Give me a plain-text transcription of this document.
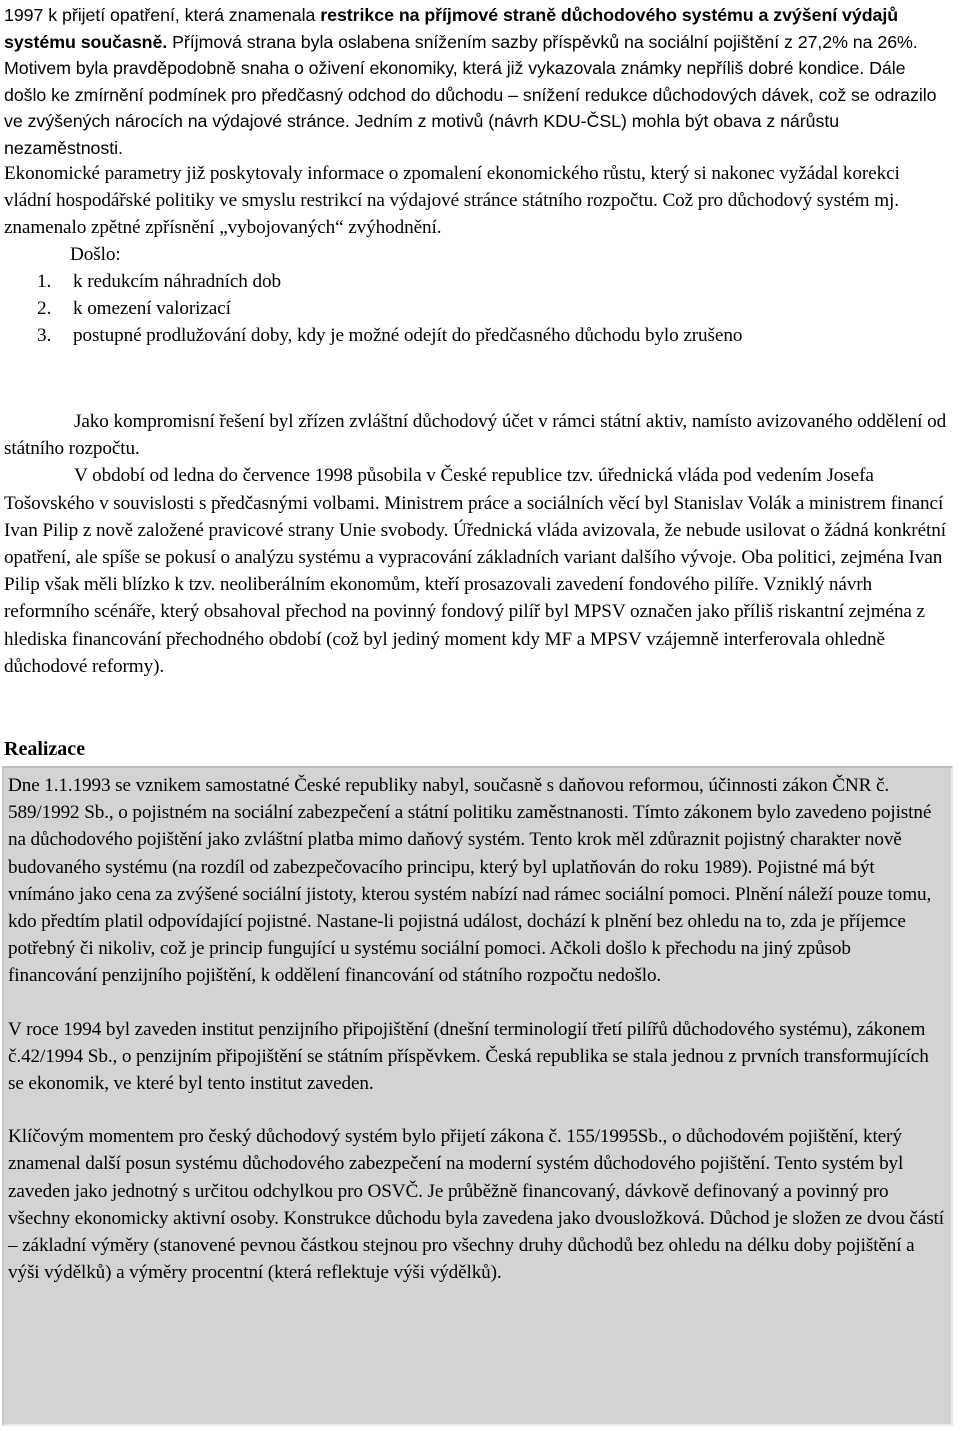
1997 k přijetí opatření, která znamenala restrikce na příjmové straně důchodového systému a zvýšení výdajů systému současně. Příjmová strana byla oslabena snížením sazby příspěvků na sociální pojištění z 27,2% na 26%. Motivem byla pravděpodobně snaha o oživení ekonomiky, která již vykazovala známky nepříliš dobré kondice. Dále došlo ke zmírnění podmínek pro předčasný odchod do důchodu – snížení redukce důchodových dávek, což se odrazilo ve zvýšených nárocích na výdajové stránce. Jedním z motivů (návrh KDU-ČSL) mohla být obava z nárůstu nezaměstnosti.

Ekonomické parametry již poskytovaly informace o zpomalení ekonomického růstu, který si nakonec vyžádal korekci vládní hospodářské politiky ve smyslu restrikcí na výdajové stránce státního rozpočtu. Což pro důchodový systém mj. znamenalo zpětné zpřísnění „vybojovaných“ zvýhodnění.

Došlo:
1. k redukcím náhradních dob
2. k omezení valorizací
3. postupné prodlužování doby, kdy je možné odejít do předčasného důchodu bylo zrušeno

Jako kompromisní řešení byl zřízen zvláštní důchodový účet v rámci státní aktiv, namísto avizovaného oddělení od státního rozpočtu.

V období od ledna do července 1998 působila v České republice tzv. úřednická vláda pod vedením Josefa Tošovského v souvislosti s předčasnými volbami. Ministrem práce a sociálních věcí byl Stanislav Volák a ministrem financí Ivan Pilip z nově založené pravicové strany Unie svobody. Úřednická vláda avizovala, že nebude usilovat o žádná konkrétní opatření, ale spíše se pokusí o analýzu systému a vypracování základních variant dalšího vývoje. Oba politici, zejména Ivan Pilip však měli blízko k tzv. neoliberálním ekonomům, kteří prosazovali zavedení fondového pilíře. Vzniklý návrh reformního scénáře, který obsahoval přechod na povinný fondový pilíř byl MPSV označen jako příliš riskantní zejména z hlediska financování přechodného období (což byl jediný moment kdy MF a MPSV vzájemně interferovala ohledně důchodové reformy).

Realizace

Dne 1.1.1993 se vznikem samostatné České republiky nabyl, současně s daňovou reformou, účinnosti zákon ČNR č. 589/1992 Sb., o pojistném na sociální zabezpečení a státní politiku zaměstnanosti. Tímto zákonem bylo zavedeno pojistné na důchodového pojištění jako zvláštní platba mimo daňový systém. Tento krok měl zdůraznit pojistný charakter nově budovaného systému (na rozdíl od zabezpečovacího principu, který byl uplatňován do roku 1989). Pojistné má být vnímáno jako cena za zvýšené sociální jistoty, kterou systém nabízí nad rámec sociální pomoci. Plnění náleží pouze tomu, kdo předtím platil odpovídající pojistné. Nastane-li pojistná událost, dochází k plnění bez ohledu na to, zda je příjemce potřebný či nikoliv, což je princip fungující u systému sociální pomoci. Ačkoli došlo k přechodu na jiný způsob financování penzijního pojištění, k oddělení financování od státního rozpočtu nedošlo.

V roce 1994 byl zaveden institut penzijního připojištění (dnešní terminologií třetí pilířů důchodového systému), zákonem č.42/1994 Sb., o penzijním připojištění se státním příspěvkem. Česká republika se stala jednou z prvních transformujících se ekonomik, ve které byl tento institut zaveden.

Klíčovým momentem pro český důchodový systém bylo přijetí zákona č. 155/1995Sb., o důchodovém pojištění, který znamenal další posun systému důchodového zabezpečení na moderní systém důchodového pojištění. Tento systém byl zaveden jako jednotný s určitou odchylkou pro OSVČ. Je průběžně financovaný, dávkově definovaný a povinný pro všechny ekonomicky aktivní osoby. Konstrukce důchodu byla zavedena jako dvousložková. Důchod je složen ze dvou částí – základní výměry (stanovené pevnou částkou stejnou pro všechny druhy důchodů bez ohledu na délku doby pojištění a výši výdělků) a výměry procentní (která reflektuje výši výdělků).
